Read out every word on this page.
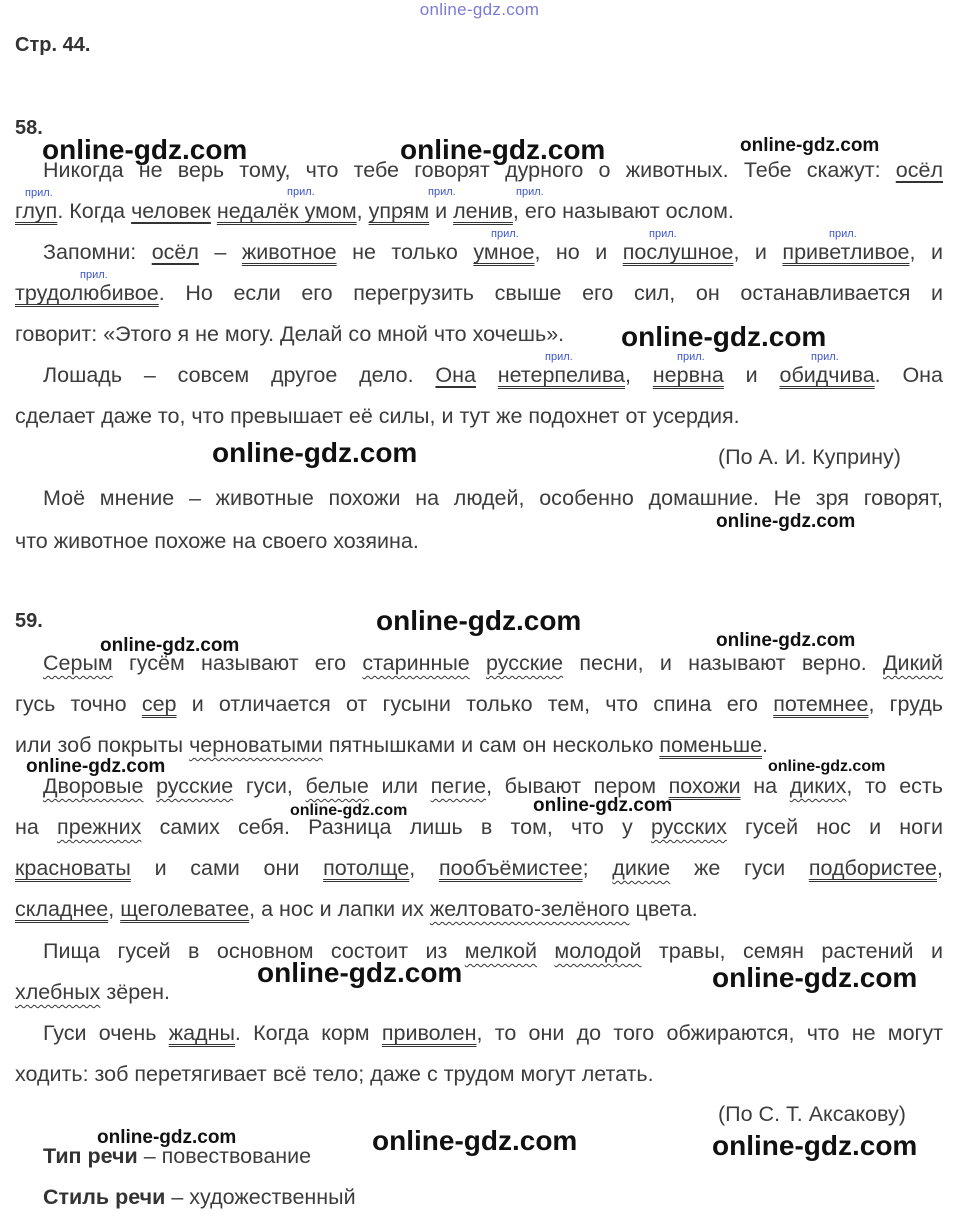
online-gdz.com
Стр. 44.
58.
Никогда не верь тому, что тебе говорят дурного о животных. Тебе скажут: осёл
глуп. Когда человек недалёк умом, упрям и ленив, его называют ослом.
Запомни: осёл – животное не только умное, но и послушное, и приветливое, и
трудолюбивое. Но если его перегрузить свыше его сил, он останавливается и
говорит: «Этого я не могу. Делай со мной что хочешь».
Лошадь – совсем другое дело. Она нетерпелива, нервна и обидчива. Она
сделает даже то, что превышает её силы, и тут же подохнет от усердия.
(По А. И. Куприну)
Моё мнение – животные похожи на людей, особенно домашние. Не зря говорят,
что животное похоже на своего хозяина.
59.
Серым гусём называют его старинные русские песни, и называют верно. Дикий
гусь точно сер и отличается от гусыни только тем, что спина его потемнее, грудь
или зоб покрыты черноватыми пятнышками и сам он несколько поменьше.
Дворовые русские гуси, белые или пегие, бывают пером похожи на диких, то есть
на прежних самих себя. Разница лишь в том, что у русских гусей нос и ноги
красноваты и сами они потолще, пообъёмистее; дикие же гуси подбористее,
складнее, щеголеватее, а нос и лапки их желтовато-зелёного цвета.
Пища гусей в основном состоит из мелкой молодой травы, семян растений и
хлебных зёрен.
Гуси очень жадны. Когда корм приволен, то они до того обжираются, что не могут
ходить: зоб перетягивает всё тело; даже с трудом могут летать.
(По С. Т. Аксакову)
Тип речи – повествование
Стиль речи – художественный
прил.	прил.	прил.	прил.
прил.	прил.	прил.
прил.
прил.	прил.	прил.
online-gdz.com	online-gdz.com	online-gdz.com
online-gdz.com
online-gdz.com
online-gdz.com
online-gdz.com
online-gdz.com	online-gdz.com
online-gdz.com	online-gdz.com
online-gdz.com
online-gdz.com
online-gdz.com	online-gdz.com
online-gdz.com	online-gdz.com	online-gdz.com
